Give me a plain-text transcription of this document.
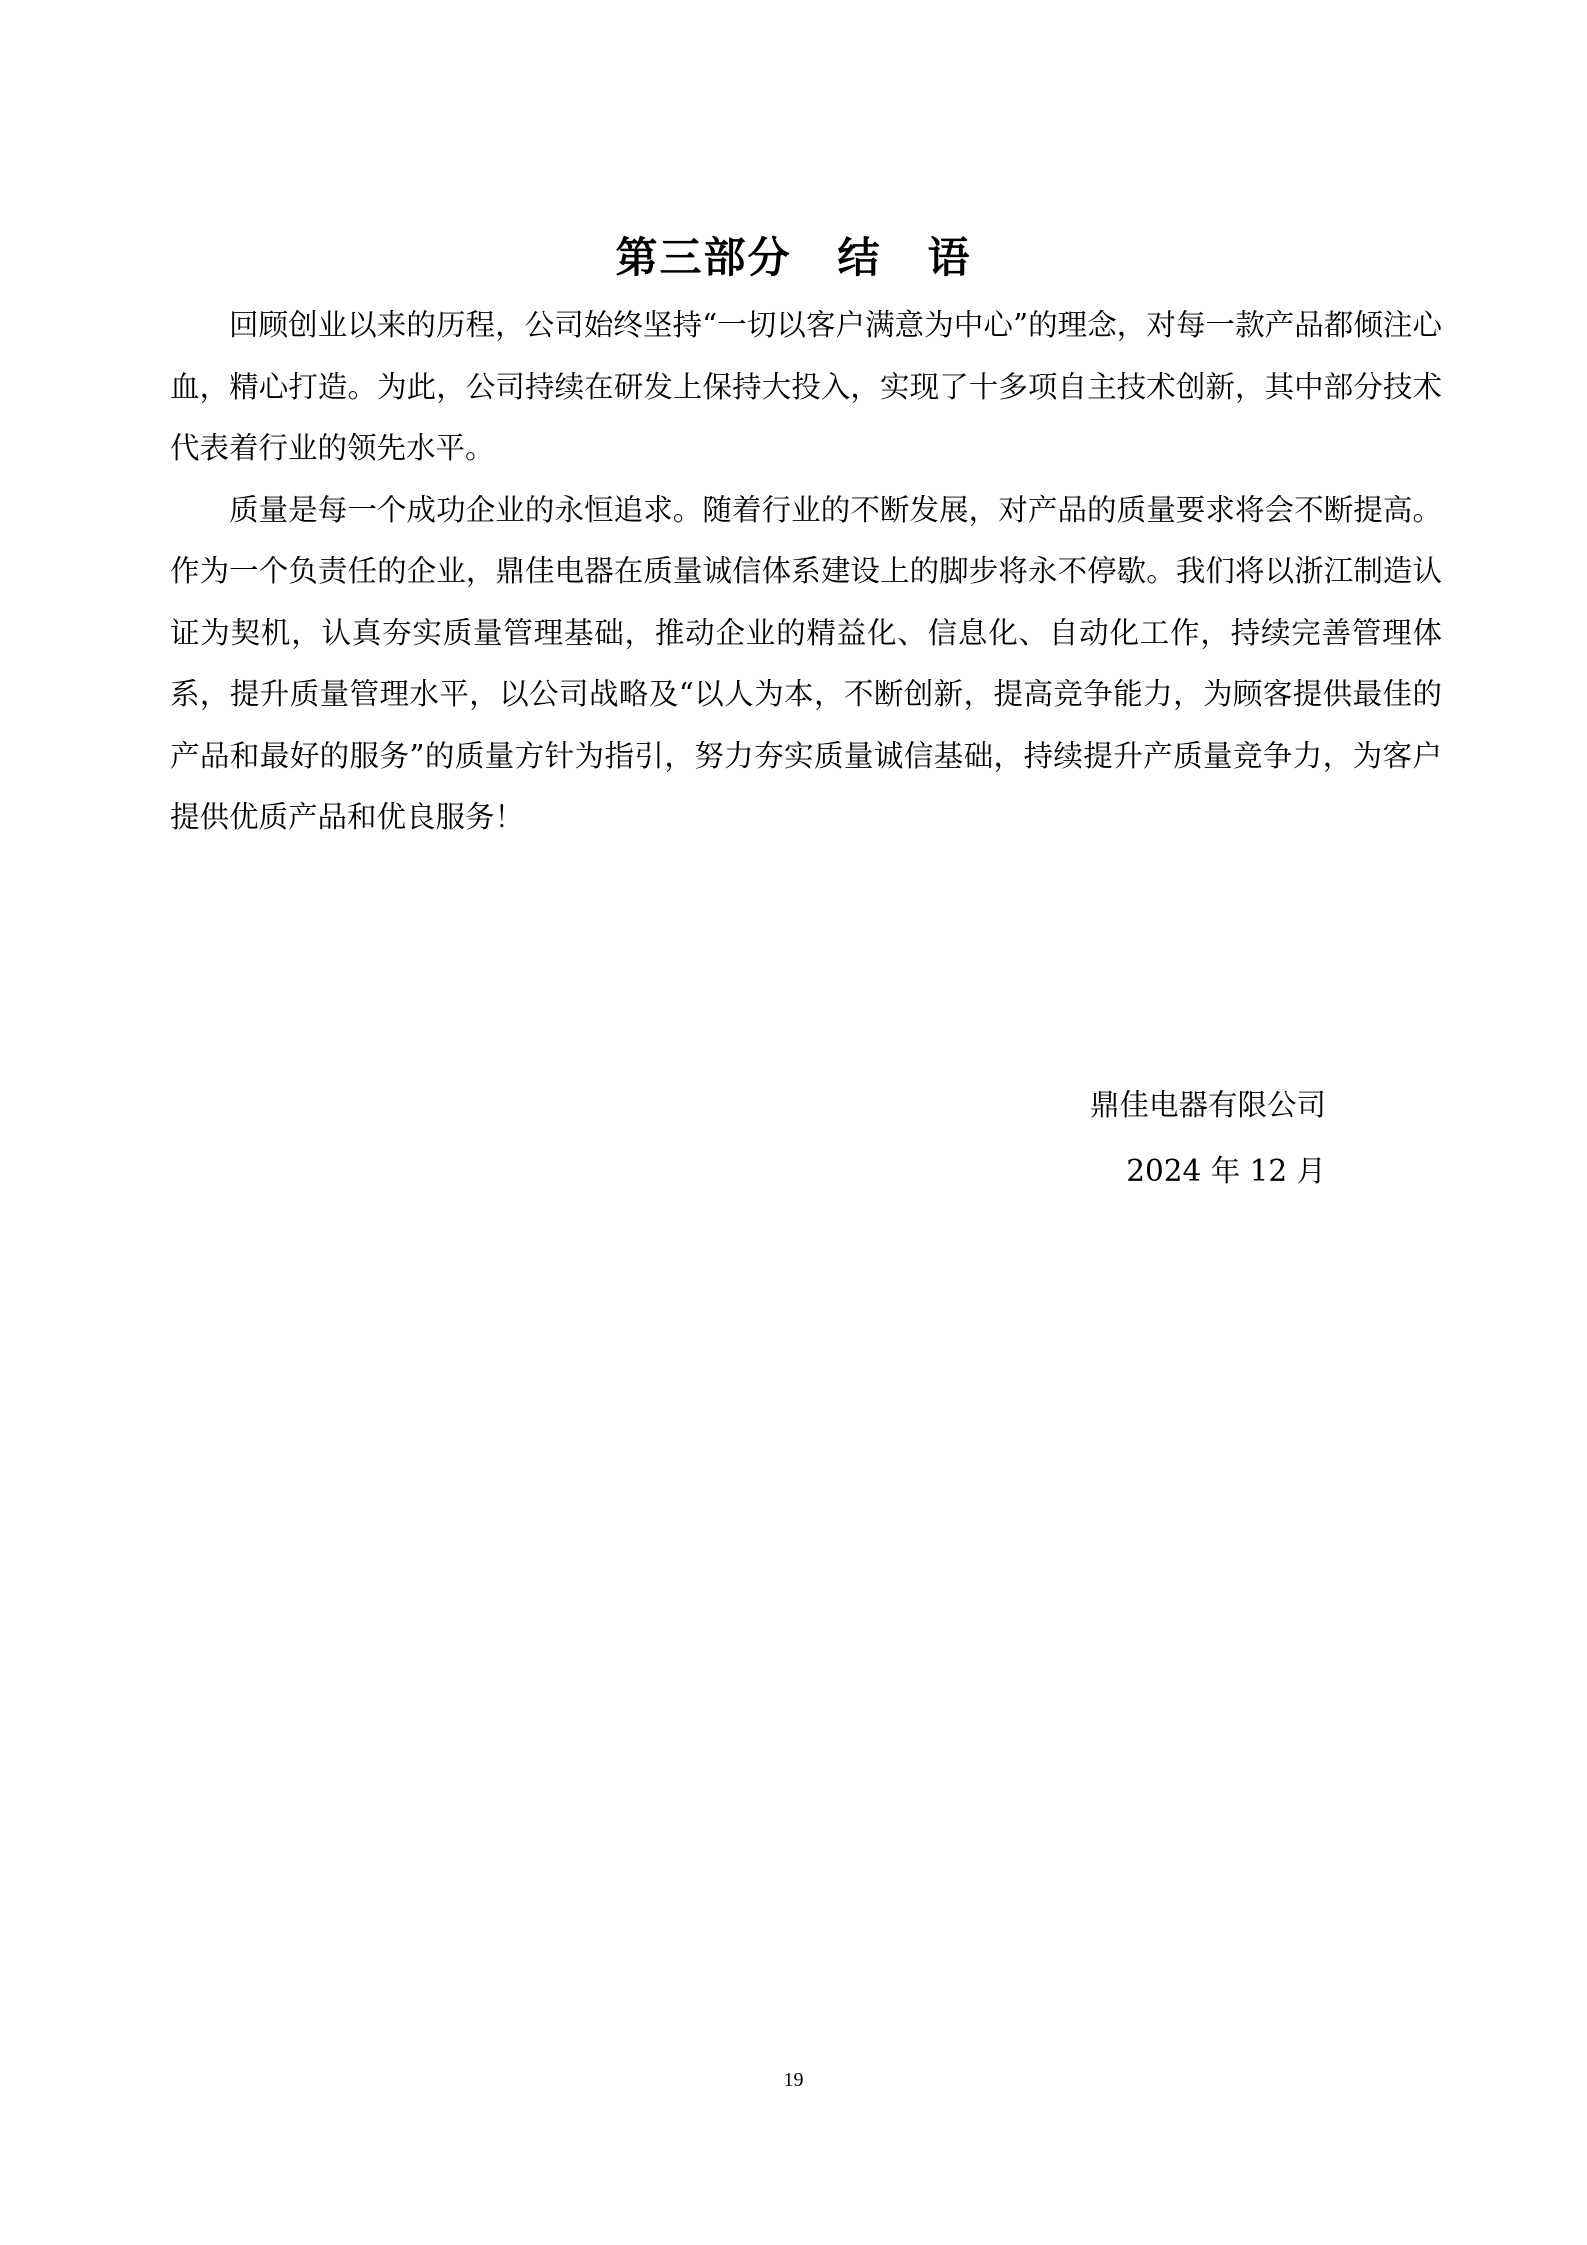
第三部分 结 语

回顾创业以来的历程，公司始终坚持“一切以客户满意为中心”的理念，对每一款产品都倾注心血，精心打造。为此，公司持续在研发上保持大投入，实现了十多项自主技术创新，其中部分技术代表着行业的领先水平。

质量是每一个成功企业的永恒追求。随着行业的不断发展，对产品的质量要求将会不断提高。作为一个负责任的企业，鼎佳电器在质量诚信体系建设上的脚步将永不停歇。我们将以浙江制造认证为契机，认真夯实质量管理基础，推动企业的精益化、信息化、自动化工作，持续完善管理体系，提升质量管理水平，以公司战略及“以人为本，不断创新，提高竞争能力，为顾客提供最佳的产品和最好的服务”的质量方针为指引，努力夯实质量诚信基础，持续提升产质量竞争力，为客户提供优质产品和优良服务！

鼎佳电器有限公司

2024 年 12 月

19
